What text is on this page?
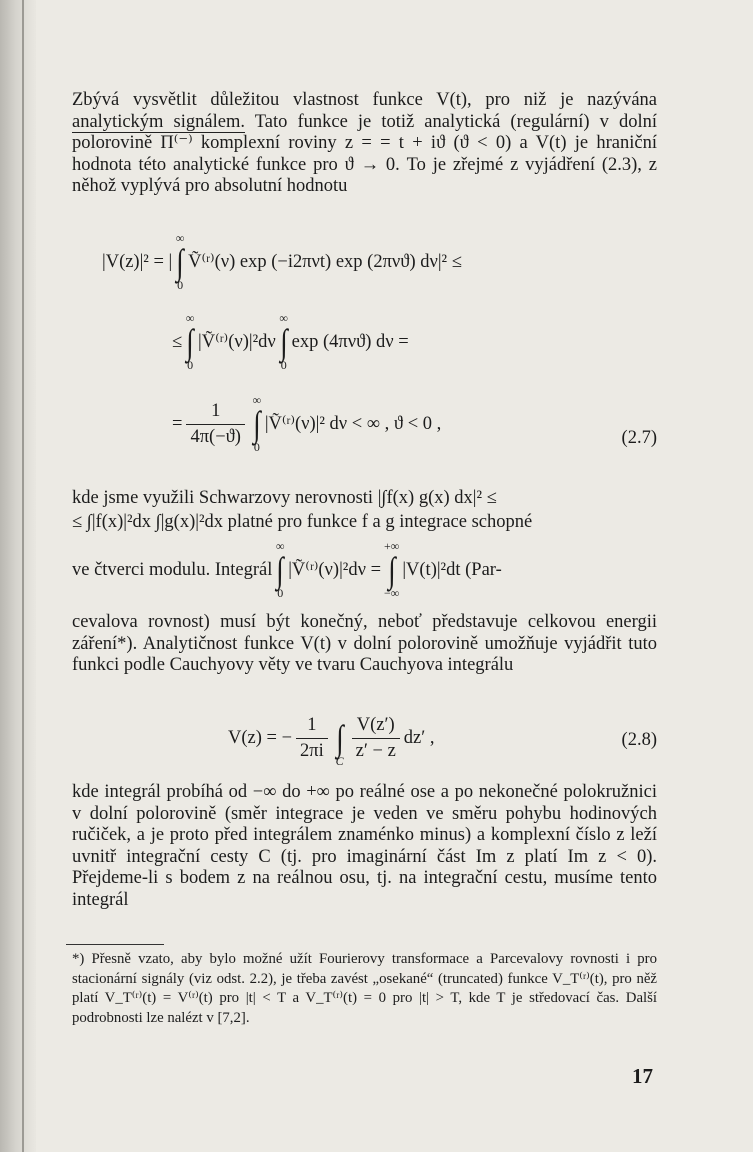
Zbývá vysvětlit důležitou vlastnost funkce V(t), pro niž je nazývána analytickým signálem. Tato funkce je totiž analytická (regulární) v dolní polorovině Π⁽⁻⁾ komplexní roviny z = = t + iϑ (ϑ < 0) a V(t) je hraniční hodnota této analytické funkce pro ϑ → 0. To je zřejmé z vyjádření (2.3), z něhož vyplývá pro absolutní hodnotu

|V(z)|² = |
∞
∫
0
Ṽ⁽ʳ⁾(ν) exp (−i2πνt) exp (2πνϑ) dν|² ≤
≤
∞
∫
0
|Ṽ⁽ʳ⁾(ν)|²dν
∞
∫
0
exp (4πνϑ) dν =
= $\frac{1}{4\pi(-ϑ)}$
∞
∫
0
|Ṽ⁽ʳ⁾(ν)|² dν < ∞ , ϑ < 0 ,
(2.7)

kde jsme využili Schwarzovy nerovnosti |∫f(x) g(x) dx|² ≤

≤ ∫|f(x)|²dx ∫|g(x)|²dx platné pro funkce f a g integrace schopné

ve čtverci modulu. Integrál
∞
∫
0
|Ṽ⁽ʳ⁾(ν)|²dν =
+∞
∫
−∞
|V(t)|²dt (Par-

cevalova rovnost) musí být konečný, neboť představuje celkovou energii záření*). Analytičnost funkce V(t) v dolní polorovině umožňuje vyjádřit tuto funkci podle Cauchyovy věty ve tvaru Cauchyova integrálu

V(z) = − $\frac{1}{2\pi i}$
∫
C $\frac{V(z')}{z' - z} dz'$ ,	(2.8)

kde integrál probíhá od −∞ do +∞ po reálné ose a po nekonečné polokružnici v dolní polorovině (směr integrace je veden ve směru pohybu hodinových ručiček, a je proto před integrálem znaménko minus) a komplexní číslo z leží uvnitř integrační cesty C (tj. pro imaginární část Im z platí Im z < 0). Přejdeme-li s bodem z na reálnou osu, tj. na integrační cestu, musíme tento integrál

*) Přesně vzato, aby bylo možné užít Fourierovy transformace a Parcevalovy rovnosti i pro stacionární signály (viz odst. 2.2), je třeba zavést „osekané“ (truncated) funkce V_T⁽ʳ⁾(t), pro něž platí V_T⁽ʳ⁾(t) = V⁽ʳ⁾(t) pro |t| < T a V_T⁽ʳ⁾(t) = 0 pro |t| > T, kde T je středovací čas. Další podrobnosti lze nalézt v [7,2].

17
